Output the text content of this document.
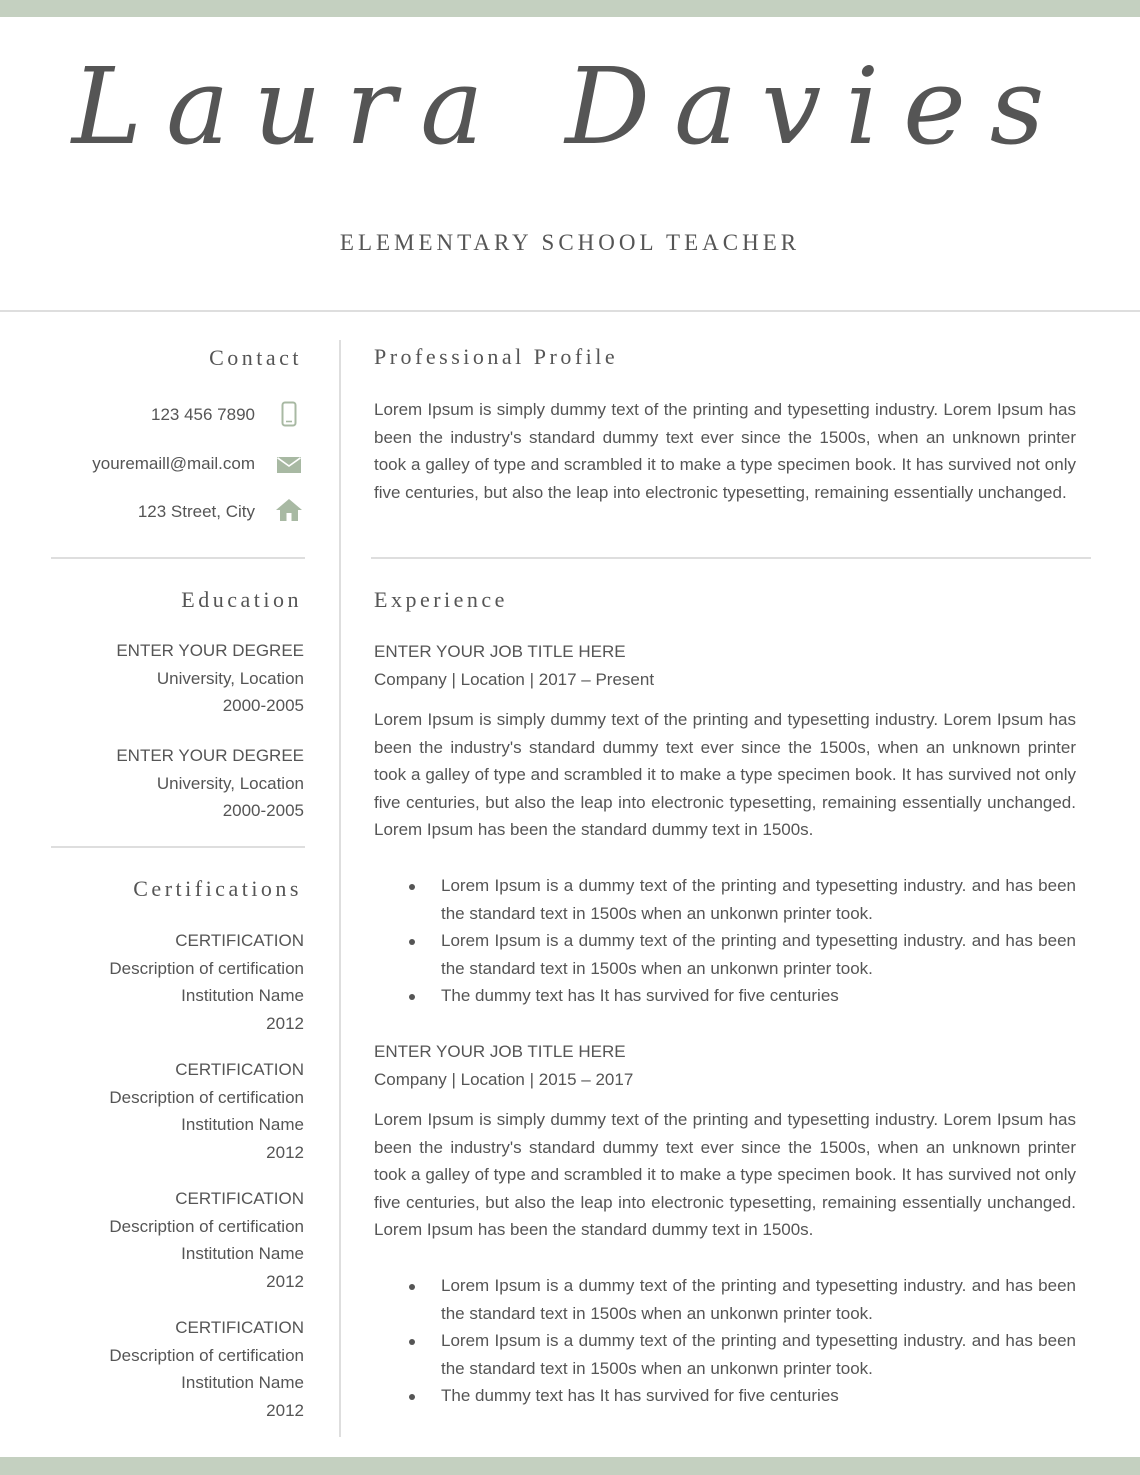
Laura Davies
ELEMENTARY SCHOOL TEACHER
Contact
123 456 7890
youremaill@mail.com
123 Street, City
Education
ENTER YOUR DEGREE
University, Location
2000-2005
ENTER YOUR DEGREE
University, Location
2000-2005
Certifications
CERTIFICATION
Description of certification
Institution Name
2012
CERTIFICATION
Description of certification
Institution Name
2012
CERTIFICATION
Description of certification
Institution Name
2012
CERTIFICATION
Description of certification
Institution Name
2012
Professional Profile

Lorem Ipsum is simply dummy text of the printing and typesetting industry. Lorem Ipsum has been the industry's standard dummy text ever since the 1500s, when an unknown printer took a galley of type and scrambled it to make a type specimen book. It has survived not only five centuries, but also the leap into electronic typesetting, remaining essentially unchanged.

Experience
ENTER YOUR JOB TITLE HERE
Company | Location | 2017 – Present

Lorem Ipsum is simply dummy text of the printing and typesetting industry. Lorem Ipsum has been the industry's standard dummy text ever since the 1500s, when an unknown printer took a galley of type and scrambled it to make a type specimen book. It has survived not only five centuries, but also the leap into electronic typesetting, remaining essentially unchanged. Lorem Ipsum has been the standard dummy text in 1500s.

Lorem Ipsum is a dummy text of the printing and typesetting industry. and has been the standard text in 1500s when an unkonwn printer took.
Lorem Ipsum is a dummy text of the printing and typesetting industry. and has been the standard text in 1500s when an unkonwn printer took.
The dummy text has It has survived for five centuries
ENTER YOUR JOB TITLE HERE
Company | Location | 2015 – 2017

Lorem Ipsum is simply dummy text of the printing and typesetting industry. Lorem Ipsum has been the industry's standard dummy text ever since the 1500s, when an unknown printer took a galley of type and scrambled it to make a type specimen book. It has survived not only five centuries, but also the leap into electronic typesetting, remaining essentially unchanged. Lorem Ipsum has been the standard dummy text in 1500s.

Lorem Ipsum is a dummy text of the printing and typesetting industry. and has been the standard text in 1500s when an unkonwn printer took.
Lorem Ipsum is a dummy text of the printing and typesetting industry. and has been the standard text in 1500s when an unkonwn printer took.
The dummy text has It has survived for five centuries
